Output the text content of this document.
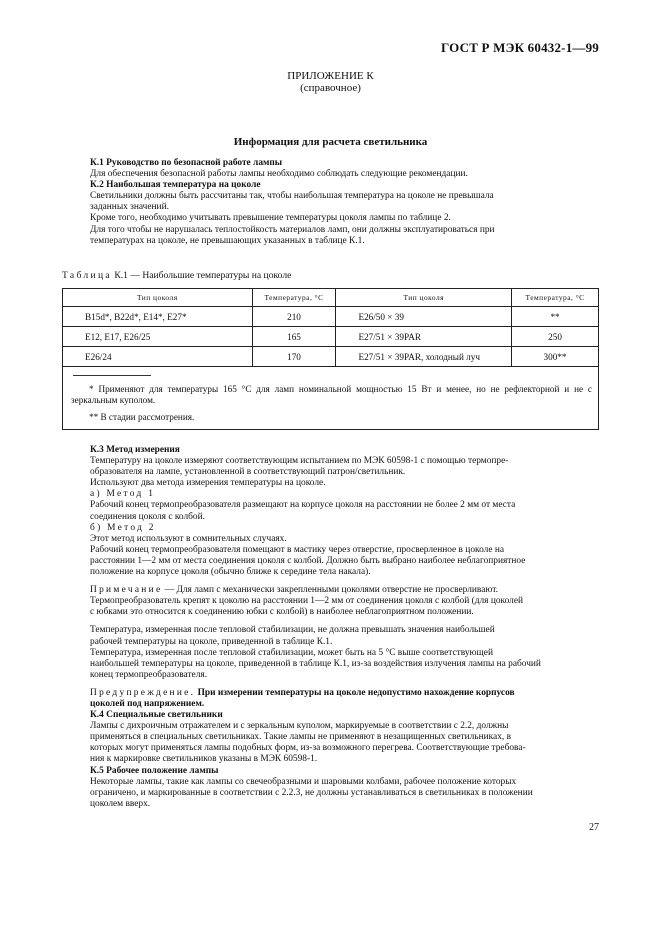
ГОСТ Р МЭК 60432-1—99
ПРИЛОЖЕНИЕ К
(справочное)
Информация для расчета светильника

К.1 Руководство по безопасной работе лампы

Для обеспечения безопасной работы лампы необходимо соблюдать следующие рекомендации.

К.2 Наибольшая температура на цоколе

Светильники должны быть рассчитаны так, чтобы наибольшая температура на цоколе не превышала

заданных значений.

Кроме того, необходимо учитывать превышение температуры цоколя лампы по таблице 2.

Для того чтобы не нарушалась теплостойкость материалов ламп, они должны эксплуатироваться при

температурах на цоколе, не превышающих указанных в таблице К.1.

Таблица К.1 — Наибольшие температуры на цоколе
Тип цоколя	Температура, °С	Тип цоколя	Температура, °С
B15d*, B22d*, E14*, E27*	210	E26/50 × 39	**
E12, E17, E26/25	165	E27/51 × 39PAR	250
E26/24	170	E27/51 × 39PAR, холодный луч	300**

* Применяют для температуры 165 °С для ламп номинальной мощностью 15 Вт и менее, но не рефлекторной и не с зеркальным куполом.
** В стадии рассмотрения.			

К.3 Метод измерения

Температуру на цоколе измеряют соответствующим испытанием по МЭК 60598-1 с помощью термопре-

образователя на лампе, установленной в соответствующий патрон/светильник.

Используют два метода измерения температуры на цоколе.

а) Метод 1

Рабочий конец термопреобразователя размещают на корпусе цоколя на расстоянии не более 2 мм от места

соединения цоколя с колбой.

б) Метод 2

Этот метод используют в сомнительных случаях.

Рабочий конец термопреобразователя помещают в мастику через отверстие, просверленное в цоколе на

расстоянии 1—2 мм от места соединения цоколя с колбой. Должно быть выбрано наиболее неблагоприятное

положение на корпусе цоколя (обычно ближе к середине тела накала).

Примечание — Для ламп с механически закрепленными цоколями отверстие не просверливают.

Термопреобразователь крепят к цоколю на расстоянии 1—2 мм от соединения цоколя с колбой (для цоколей

с юбками это относится к соединению юбки с колбой) в наиболее неблагоприятном положении.

Температура, измеренная после тепловой стабилизации, не должна превышать значения наибольшей

рабочей температуры на цоколе, приведенной в таблице К.1.

Температура, измеренная после тепловой стабилизации, может быть на 5 °С выше соответствующей

наибольшей температуры на цоколе, приведенной в таблице К.1, из-за воздействия излучения лампы на рабочий

конец термопреобразователя.

Предупреждение. При измерении температуры на цоколе недопустимо нахождение корпусов

цоколей под напряжением.

К.4 Специальные светильники

Лампы с дихроичным отражателем и с зеркальным куполом, маркируемые в соответствии с 2.2, должны

применяться в специальных светильниках. Такие лампы не применяют в незащищенных светильниках, в

которых могут применяться лампы подобных форм, из-за возможного перегрева. Соответствующие требова-

ния к маркировке светильников указаны в МЭК 60598-1.

К.5 Рабочее положение лампы

Некоторые лампы, такие как лампы со свечеобразными и шаровыми колбами, рабочее положение которых

ограничено, и маркированные в соответствии с 2.2.3, не должны устанавливаться в светильниках в положении

цоколем вверх.

27
